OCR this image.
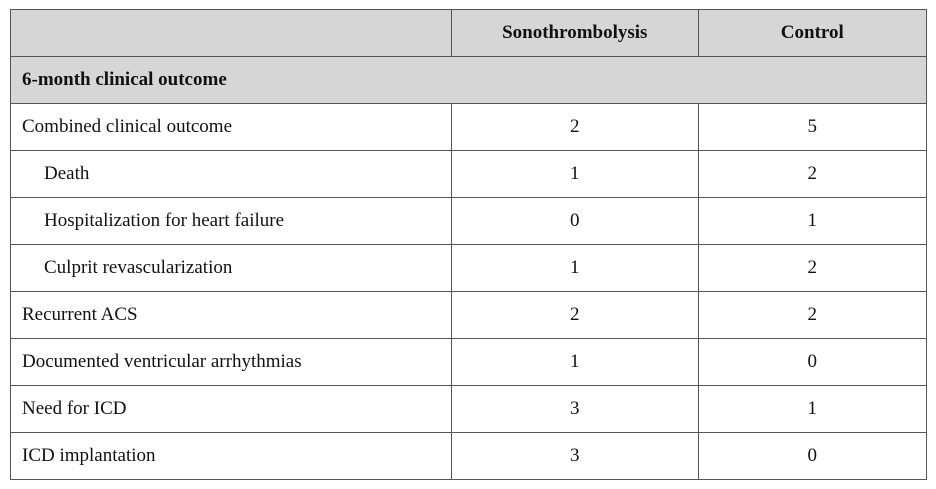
	Sonothrombolysis	Control
6-month clinical outcome		
Combined clinical outcome	2	5
Death	1	2
Hospitalization for heart failure	0	1
Culprit revascularization	1	2
Recurrent ACS	2	2
Documented ventricular arrhythmias	1	0
Need for ICD	3	1
ICD implantation	3	0
